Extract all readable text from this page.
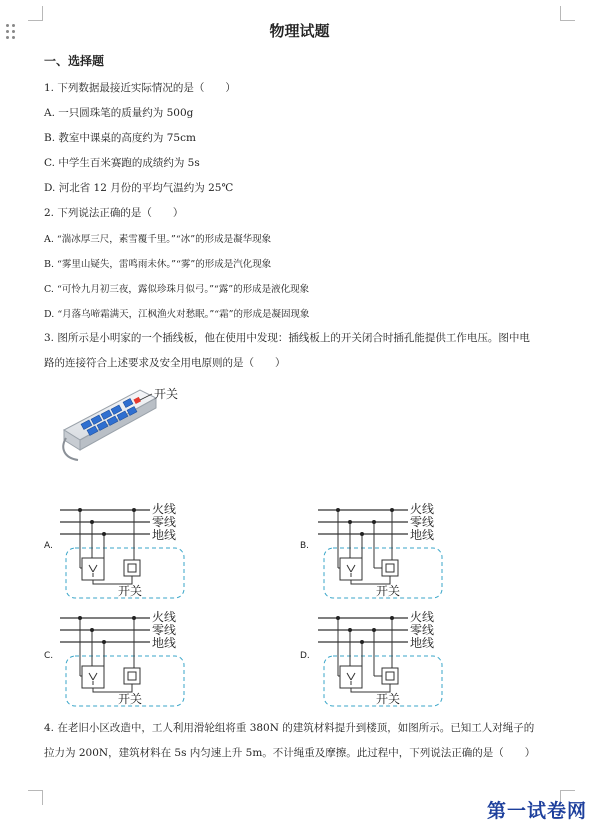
物理试题
一、选择题
1. 下列数据最接近实际情况的是（　　）
A. 一只圆珠笔的质量约为 500g
B. 教室中课桌的高度约为 75cm
C. 中学生百米赛跑的成绩约为 5s
D. 河北省 12 月份的平均气温约为 25℃
2. 下列说法正确的是（　　）
A. “湍冰厚三尺，素雪覆千里。”“冰”的形成是凝华现象
B. “雾里山疑失，雷鸣雨未休。”“雾”的形成是汽化现象
C. “可怜九月初三夜，露似珍珠月似弓。”“露”的形成是液化现象
D. “月落乌啼霜满天，江枫渔火对愁眠。”“霜”的形成是凝固现象
3. 图所示是小明家的一个插线板，他在使用中发现：插线板上的开关闭合时插孔能提供工作电压。图中电
路的连接符合上述要求及安全用电原则的是（　　）
开关
火线
零线
地线
开关
火线
零线
地线
开关
火线
零线
地线
开关
火线
零线
地线
开关
A.	B.
C.	D.
4. 在老旧小区改造中，工人利用滑轮组将重 380N 的建筑材料提升到楼顶，如图所示。已知工人对绳子的
拉力为 200N，建筑材料在 5s 内匀速上升 5m。不计绳重及摩擦。此过程中，下列说法正确的是（　　）
第一试卷网
